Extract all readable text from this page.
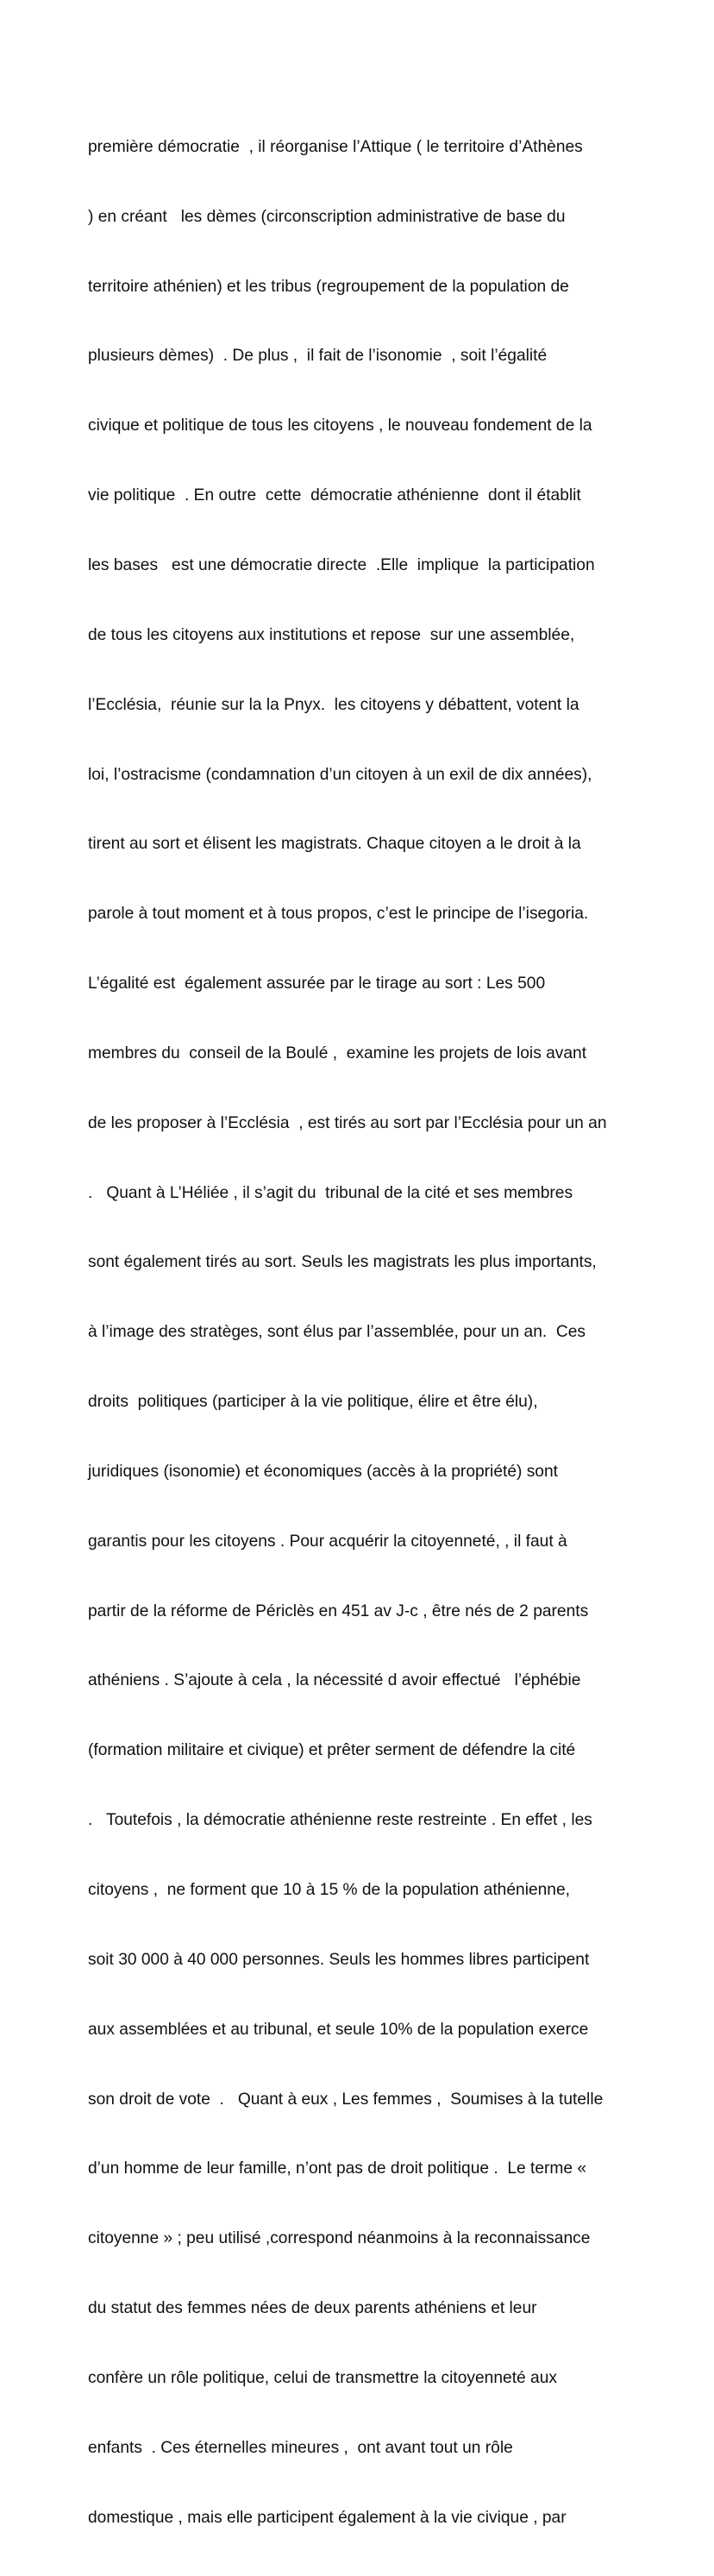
première démocratie  , il réorganise l’Attique ( le territoire d’Athènes

) en créant   les dèmes (circonscription administrative de base du

territoire athénien) et les tribus (regroupement de la population de

plusieurs dèmes)  . De plus ,  il fait de l’isonomie  , soit l’égalité

civique et politique de tous les citoyens , le nouveau fondement de la

vie politique  . En outre  cette  démocratie athénienne  dont il établit

les bases   est une démocratie directe  .Elle  implique  la participation

de tous les citoyens aux institutions et repose  sur une assemblée,

l’Ecclésia,  réunie sur la la Pnyx.  les citoyens y débattent, votent la

loi, l’ostracisme (condamnation d’un citoyen à un exil de dix années),

tirent au sort et élisent les magistrats. Chaque citoyen a le droit à la

parole à tout moment et à tous propos, c’est le principe de l’isegoria.

L’égalité est  également assurée par le tirage au sort : Les 500

membres du  conseil de la Boulé ,  examine les projets de lois avant

de les proposer à l’Ecclésia  , est tirés au sort par l’Ecclésia pour un an

.   Quant à L’Héliée , il s’agit du  tribunal de la cité et ses membres

sont également tirés au sort. Seuls les magistrats les plus importants,

à l’image des stratèges, sont élus par l’assemblée, pour un an.  Ces

droits  politiques (participer à la vie politique, élire et être élu),

juridiques (isonomie) et économiques (accès à la propriété) sont

garantis pour les citoyens . Pour acquérir la citoyenneté, , il faut à

partir de la réforme de Périclès en 451 av J-c , être nés de 2 parents

athéniens . S’ajoute à cela , la nécessité d avoir effectué   l’éphébie

(formation militaire et civique) et prêter serment de défendre la cité

.   Toutefois , la démocratie athénienne reste restreinte . En effet , les

citoyens ,  ne forment que 10 à 15 % de la population athénienne,

soit 30 000 à 40 000 personnes. Seuls les hommes libres participent

aux assemblées et au tribunal, et seule 10% de la population exerce

son droit de vote  .   Quant à eux , Les femmes ,  Soumises à la tutelle

d’un homme de leur famille, n’ont pas de droit politique .  Le terme «

citoyenne » ; peu utilisé ,correspond néanmoins à la reconnaissance

du statut des femmes nées de deux parents athéniens et leur

confère un rôle politique, celui de transmettre la citoyenneté aux

enfants  . Ces éternelles mineures ,  ont avant tout un rôle

domestique , mais elle participent également à la vie civique , par
